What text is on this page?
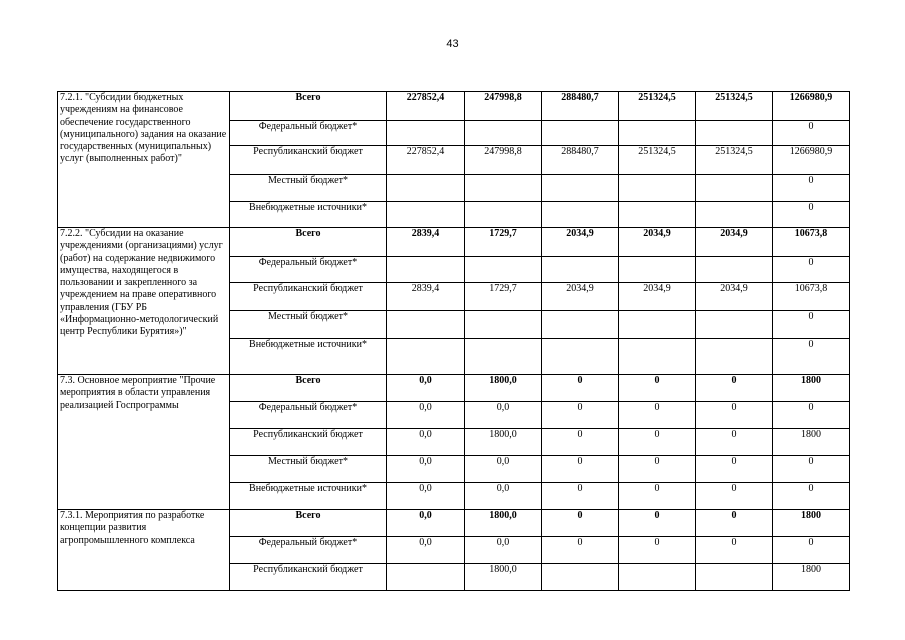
43
7.2.1. "Субсидии бюджетных учреждениям на финансовое обеспечение государственного (муниципального) задания на оказание государственных (муниципальных) услуг (выполненных работ)"	Всего	227852,4	247998,8	288480,7	251324,5	251324,5	1266980,9
	Федеральный бюджет*						0
	Республиканский бюджет	227852,4	247998,8	288480,7	251324,5	251324,5	1266980,9
	Местный бюджет*						0
	Внебюджетные источники*						0
7.2.2. "Субсидии на оказание учреждениями (организациями) услуг (работ) на содержание недвижимого имущества, находящегося в пользовании и закрепленного за учреждением на праве оперативного управления (ГБУ РБ «Информационно-методологический центр Республики Бурятия»)"	Всего	2839,4	1729,7	2034,9	2034,9	2034,9	10673,8
	Федеральный бюджет*						0
	Республиканский бюджет	2839,4	1729,7	2034,9	2034,9	2034,9	10673,8
	Местный бюджет*						0
	Внебюджетные источники*						0
7.3. Основное мероприятие "Прочие мероприятия в области управления реализацией Госпрограммы	Всего	0,0	1800,0	0	0	0	1800
	Федеральный бюджет*	0,0	0,0	0	0	0	0
	Республиканский бюджет	0,0	1800,0	0	0	0	1800
	Местный бюджет*	0,0	0,0	0	0	0	0
	Внебюджетные источники*	0,0	0,0	0	0	0	0
7.3.1. Мероприятия по разработке концепции развития агропромышленного комплекса	Всего	0,0	1800,0	0	0	0	1800
	Федеральный бюджет*	0,0	0,0	0	0	0	0
	Республиканский бюджет		1800,0				1800
